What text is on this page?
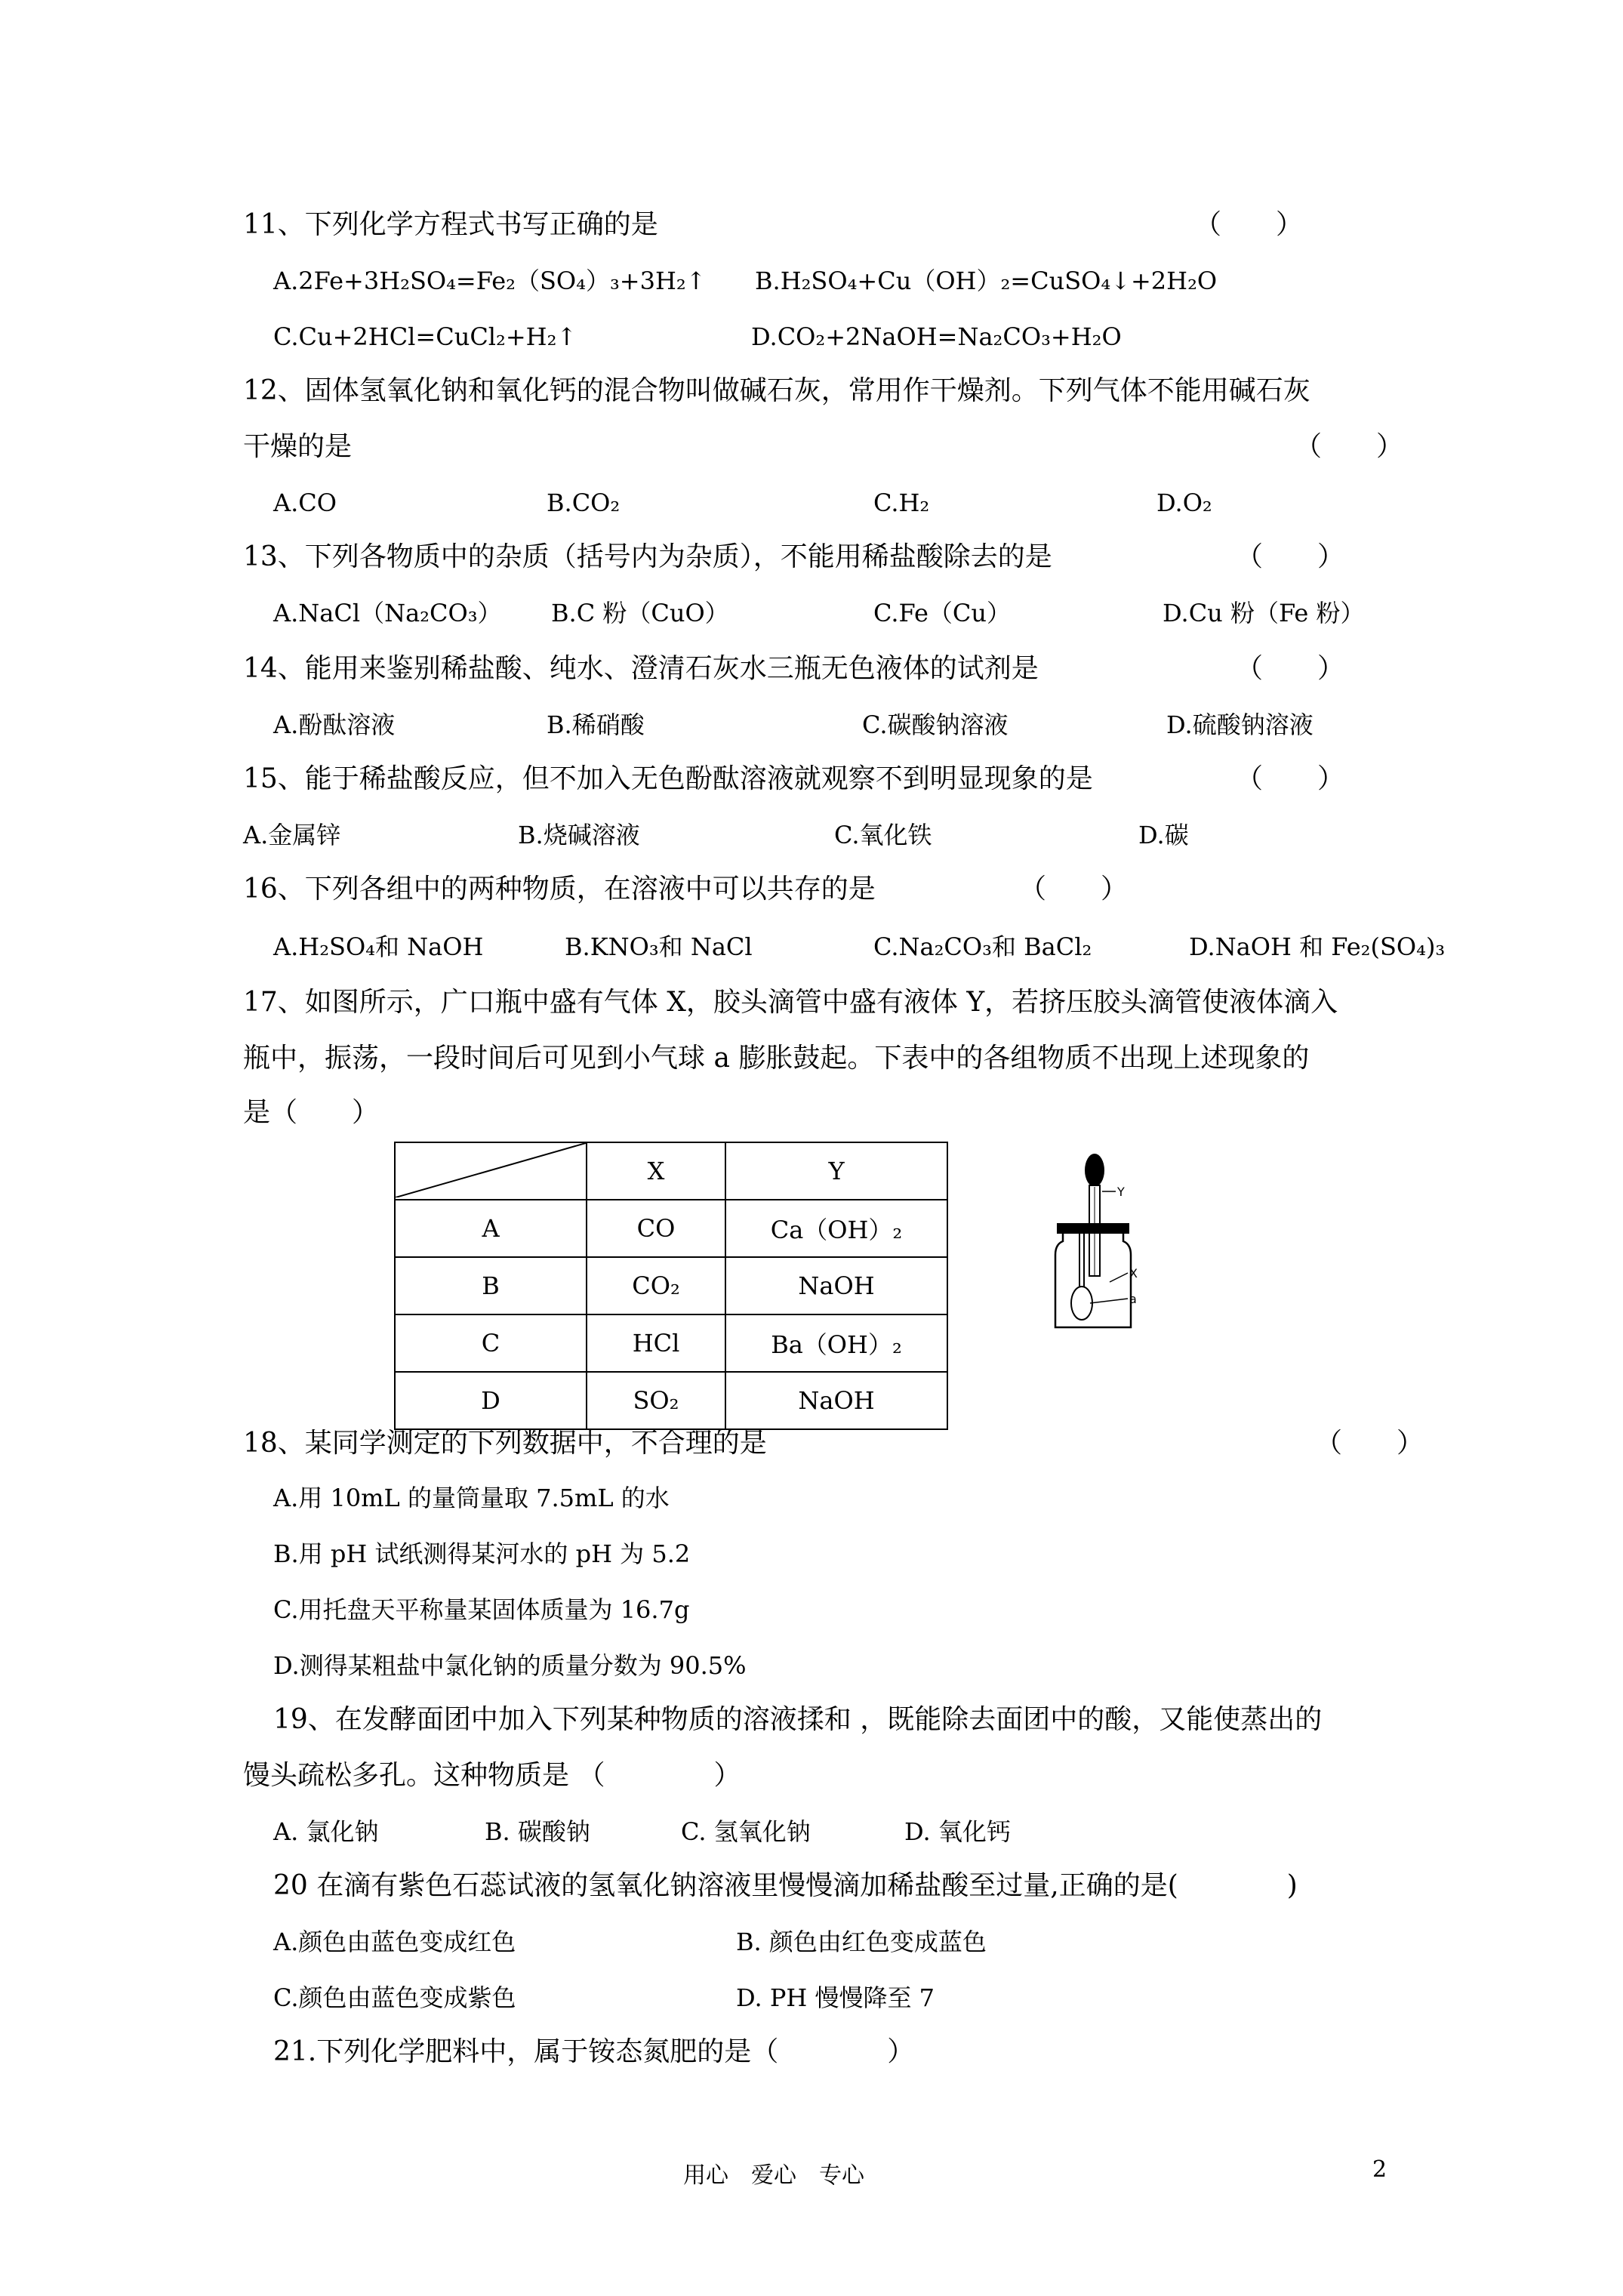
11、下列化学方程式书写正确的是	（　　）
A.2Fe+3H₂SO₄=Fe₂（SO₄）₃+3H₂↑ B.H₂SO₄+Cu（OH）₂=CuSO₄↓+2H₂O
C.Cu+2HCl=CuCl₂+H₂↑	D.CO₂+2NaOH=Na₂CO₃+H₂O
12、固体氢氧化钠和氧化钙的混合物叫做碱石灰，常用作干燥剂。下列气体不能用碱石灰
干燥的是	（　　）
A.CO	B.CO₂	C.H₂	D.O₂
13、下列各物质中的杂质（括号内为杂质），不能用稀盐酸除去的是	（　　）
A.NaCl（Na₂CO₃） B.C 粉（CuO）	C.Fe（Cu）	D.Cu 粉（Fe 粉）
14、能用来鉴别稀盐酸、纯水、澄清石灰水三瓶无色液体的试剂是	（　　）
A.酚酞溶液	B.稀硝酸	C.碳酸钠溶液	D.硫酸钠溶液
15、能于稀盐酸反应，但不加入无色酚酞溶液就观察不到明显现象的是	（　　）
A.金属锌	B.烧碱溶液	C.氧化铁	D.碳
16、下列各组中的两种物质，在溶液中可以共存的是	（　　）
A.H₂SO₄和 NaOH	B.KNO₃和 NaCl	C.Na₂CO₃和 BaCl₂	D.NaOH 和 Fe₂(SO₄)₃
17、如图所示，广口瓶中盛有气体 X，胶头滴管中盛有液体 Y，若挤压胶头滴管使液体滴入
瓶中，振荡，一段时间后可见到小气球 a 膨胀鼓起。下表中的各组物质不出现上述现象的
是（　　）
	X	Y
A	CO	Ca（OH）₂
B	CO₂	NaOH
C	HCl	Ba（OH）₂
D	SO₂	NaOH
Y
X
a
18、某同学测定的下列数据中，不合理的是	（　　）
A.用 10mL 的量筒量取 7.5mL 的水
B.用 pH 试纸测得某河水的 pH 为 5.2
C.用托盘天平称量某固体质量为 16.7g
D.测得某粗盐中氯化钠的质量分数为 90.5%
19、在发酵面团中加入下列某种物质的溶液揉和 ，既能除去面团中的酸，又能使蒸出的
馒头疏松多孔。这种物质是 （　　　　）
A. 氯化钠	B. 碳酸钠	C. 氢氧化钠	D. 氧化钙
20 在滴有紫色石蕊试液的氢氧化钠溶液里慢慢滴加稀盐酸至过量,正确的是(　　　　)
A.颜色由蓝色变成红色	B. 颜色由红色变成蓝色
C.颜色由蓝色变成紫色	D. PH 慢慢降至 7
21.下列化学肥料中，属于铵态氮肥的是（　　　　）
用心　爱心　专心	2
